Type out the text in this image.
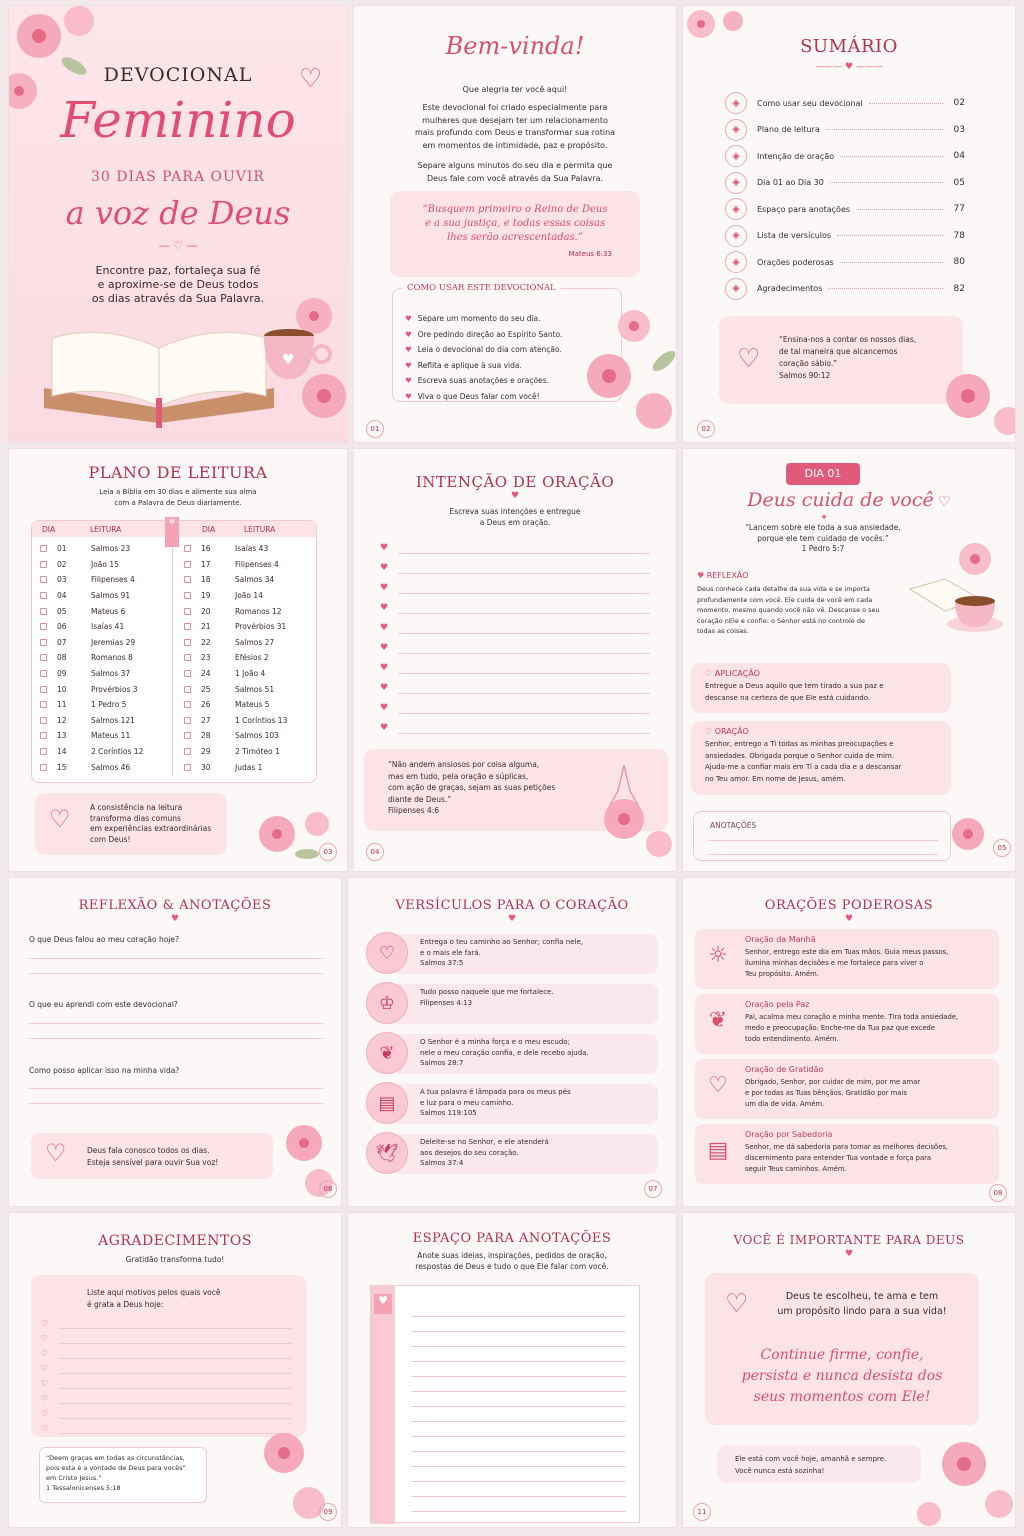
DEVOCIONAL	♡
Feminino
30 DIAS PARA OUVIR
a voz de Deus
— ♡ —
Encontre paz, fortaleça sua fé
e aproxime-se de Deus todos
os dias através da Sua Palavra.
♥
Bem-vinda!
Que alegria ter você aqui!
Este devocional foi criado especialmente para
mulheres que desejam ter um relacionamento
mais profundo com Deus e transformar sua rotina
em momentos de intimidade, paz e propósito.
Separe alguns minutos do seu dia e permita que
Deus fale com você através da Sua Palavra.
“Busquem primeiro o Reino de Deus
e a sua justiça, e todas essas coisas
lhes serão acrescentadas.”
Mateus 6:33
COMO USAR ESTE DEVOCIONAL
♥ Separe um momento do seu dia.
♥ Ore pedindo direção ao Espírito Santo.
♥ Leia o devocional do dia com atenção.
♥ Reflita e aplique à sua vida.
♥ Escreva suas anotações e orações.
♥ Viva o que Deus falar com você!
01
SUMÁRIO
——— ♥ ———
◈	Como usar seu devocional	02
◈	Plano de leitura	03
◈	Intenção de oração	04
◈	Dia 01 ao Dia 30	05
◈	Espaço para anotações	77
◈	Lista de versículos	78
◈	Orações poderosas	80
◈	Agradecimentos	82
♡
“Ensina-nos a contar os nossos dias,
de tal maneira que alcancemos
coração sábio.”
Salmos 90:12
02
PLANO DE LEITURA
Leia a Bíblia em 30 dias e alimente sua alma
com a Palavra de Deus diariamente.
DIA	LEITURA	DIA	LEITURA
✲
01	Salmos 23
02	João 15
03	Filipenses 4
04	Salmos 91
05	Mateus 6
06	Isaías 41
07	Jeremias 29
08	Romanos 8
09	Salmos 37
10	Provérbios 3
11	1 Pedro 5
12	Salmos 121
13	Mateus 11
14	2 Coríntios 12
15	Salmos 46
16	Isaías 43
17	Filipenses 4
18	Salmos 34
19	João 14
20	Romanos 12
21	Provérbios 31
22	Salmos 27
23	Efésios 2
24	1 João 4
25	Salmos 51
26	Mateus 5
27	1 Coríntios 13
28	Salmos 103
29	2 Timóteo 1
30	Judas 1
♡	A consistência na leitura
transforma dias comuns
em experiências extraordinárias
com Deus!
03
INTENÇÃO DE ORAÇÃO
♥
Escreva suas intenções e entregue
a Deus em oração.
♥
♥
♥
♥
♥
♥
♥
♥
♥
♥
“Não andem ansiosos por coisa alguma,
mas em tudo, pela oração e súplicas,
com ação de graças, sejam as suas petições
diante de Deus.”
Filipenses 4:6
04
DIA 01
Deus cuida de você ♡
✦
“Lancem sobre ele toda a sua ansiedade,
porque ele tem cuidado de vocês.”
1 Pedro 5:7
♥ REFLEXÃO
Deus conhece cada detalhe da sua vida e se importa
profundamente com você. Ele cuida de você em cada
momento, mesmo quando você não vê. Descanse o seu
coração nEle e confie: o Senhor está no controle de
todas as coisas.
♡ APLICAÇÃO
Entregue a Deus aquilo que tem tirado a sua paz e
descanse na certeza de que Ele está cuidando.
♡ ORAÇÃO
Senhor, entrego a Ti todas as minhas preocupações e
ansiedades. Obrigada porque o Senhor cuida de mim.
Ajuda-me a confiar mais em Ti a cada dia e a descansar
no Teu amor. Em nome de Jesus, amém.
ANOTAÇÕES
05
REFLEXÃO & ANOTAÇÕES
♥
O que Deus falou ao meu coração hoje?
O que eu aprendi com este devocional?
Como posso aplicar isso na minha vida?
♡	Deus fala conosco todos os dias.
Esteja sensível para ouvir Sua voz!
06
VERSÍCULOS PARA O CORAÇÃO
♥
♡
Entrega o teu caminho ao Senhor; confia nele,
e o mais ele fará.
Salmos 37:5
♔
Tudo posso naquele que me fortalece.
Filipenses 4:13
❦
O Senhor é a minha força e o meu escudo;
nele o meu coração confia, e dele recebo ajuda.
Salmos 28:7
▤
A tua palavra é lâmpada para os meus pés
e luz para o meu caminho.
Salmos 119:105
🕊
Deleite-se no Senhor, e ele atenderá
aos desejos do seu coração.
Salmos 37:4
07
ORAÇÕES PODEROSAS
♥
☼
Oração da Manhã
Senhor, entrego este dia em Tuas mãos. Guia meus passos,
ilumina minhas decisões e me fortalece para viver o
Teu propósito. Amém.
❦
Oração pela Paz
Pai, acalma meu coração e minha mente. Tira toda ansiedade,
medo e preocupação. Enche-me da Tua paz que excede
todo entendimento. Amém.
♡
Oração de Gratidão
Obrigado, Senhor, por cuidar de mim, por me amar
e por todas as Tuas bênçãos. Gratidão por mais
um dia de vida. Amém.
▤
Oração por Sabedoria
Senhor, me dá sabedoria para tomar as melhores decisões,
discernimento para entender Tua vontade e força para
seguir Teus caminhos. Amém.
08
AGRADECIMENTOS
Gratidão transforma tudo!
Liste aqui motivos pelos quais você
é grata a Deus hoje:
♡
♡
♡
♡
♡
♡
♡
♡
“Deem graças em todas as circunstâncias,
pois esta é a vontade de Deus para vocês”
em Cristo Jesus.”
1 Tessalonicenses 5:18
09
ESPAÇO PARA ANOTAÇÕES
Anote suas ideias, inspirações, pedidos de oração,
respostas de Deus e tudo o que Ele falar com você.
♥
VOCÊ É IMPORTANTE PARA DEUS
♥
♡	Deus te escolheu, te ama e tem
um propósito lindo para a sua vida!
Continue firme, confie,
persista e nunca desista dos
seus momentos com Ele!
Ele está com você hoje, amanhã e sempre.
Você nunca está sozinha!
11
